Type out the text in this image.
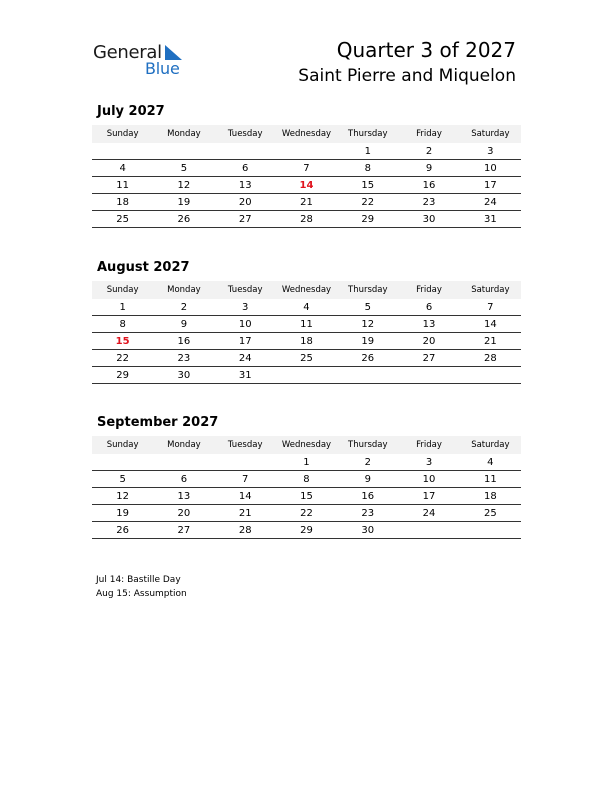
General
Blue
Quarter 3 of 2027
Saint Pierre and Miquelon
July 2027
Sunday	Monday	Tuesday	Wednesday	Thursday	Friday	Saturday
				1	2	3
4	5	6	7	8	9	10
11	12	13	14	15	16	17
18	19	20	21	22	23	24
25	26	27	28	29	30	31
August 2027
Sunday	Monday	Tuesday	Wednesday	Thursday	Friday	Saturday
1	2	3	4	5	6	7
8	9	10	11	12	13	14
15	16	17	18	19	20	21
22	23	24	25	26	27	28
29	30	31				
September 2027
Sunday	Monday	Tuesday	Wednesday	Thursday	Friday	Saturday
			1	2	3	4
5	6	7	8	9	10	11
12	13	14	15	16	17	18
19	20	21	22	23	24	25
26	27	28	29	30		
Jul 14: Bastille Day
Aug 15: Assumption
